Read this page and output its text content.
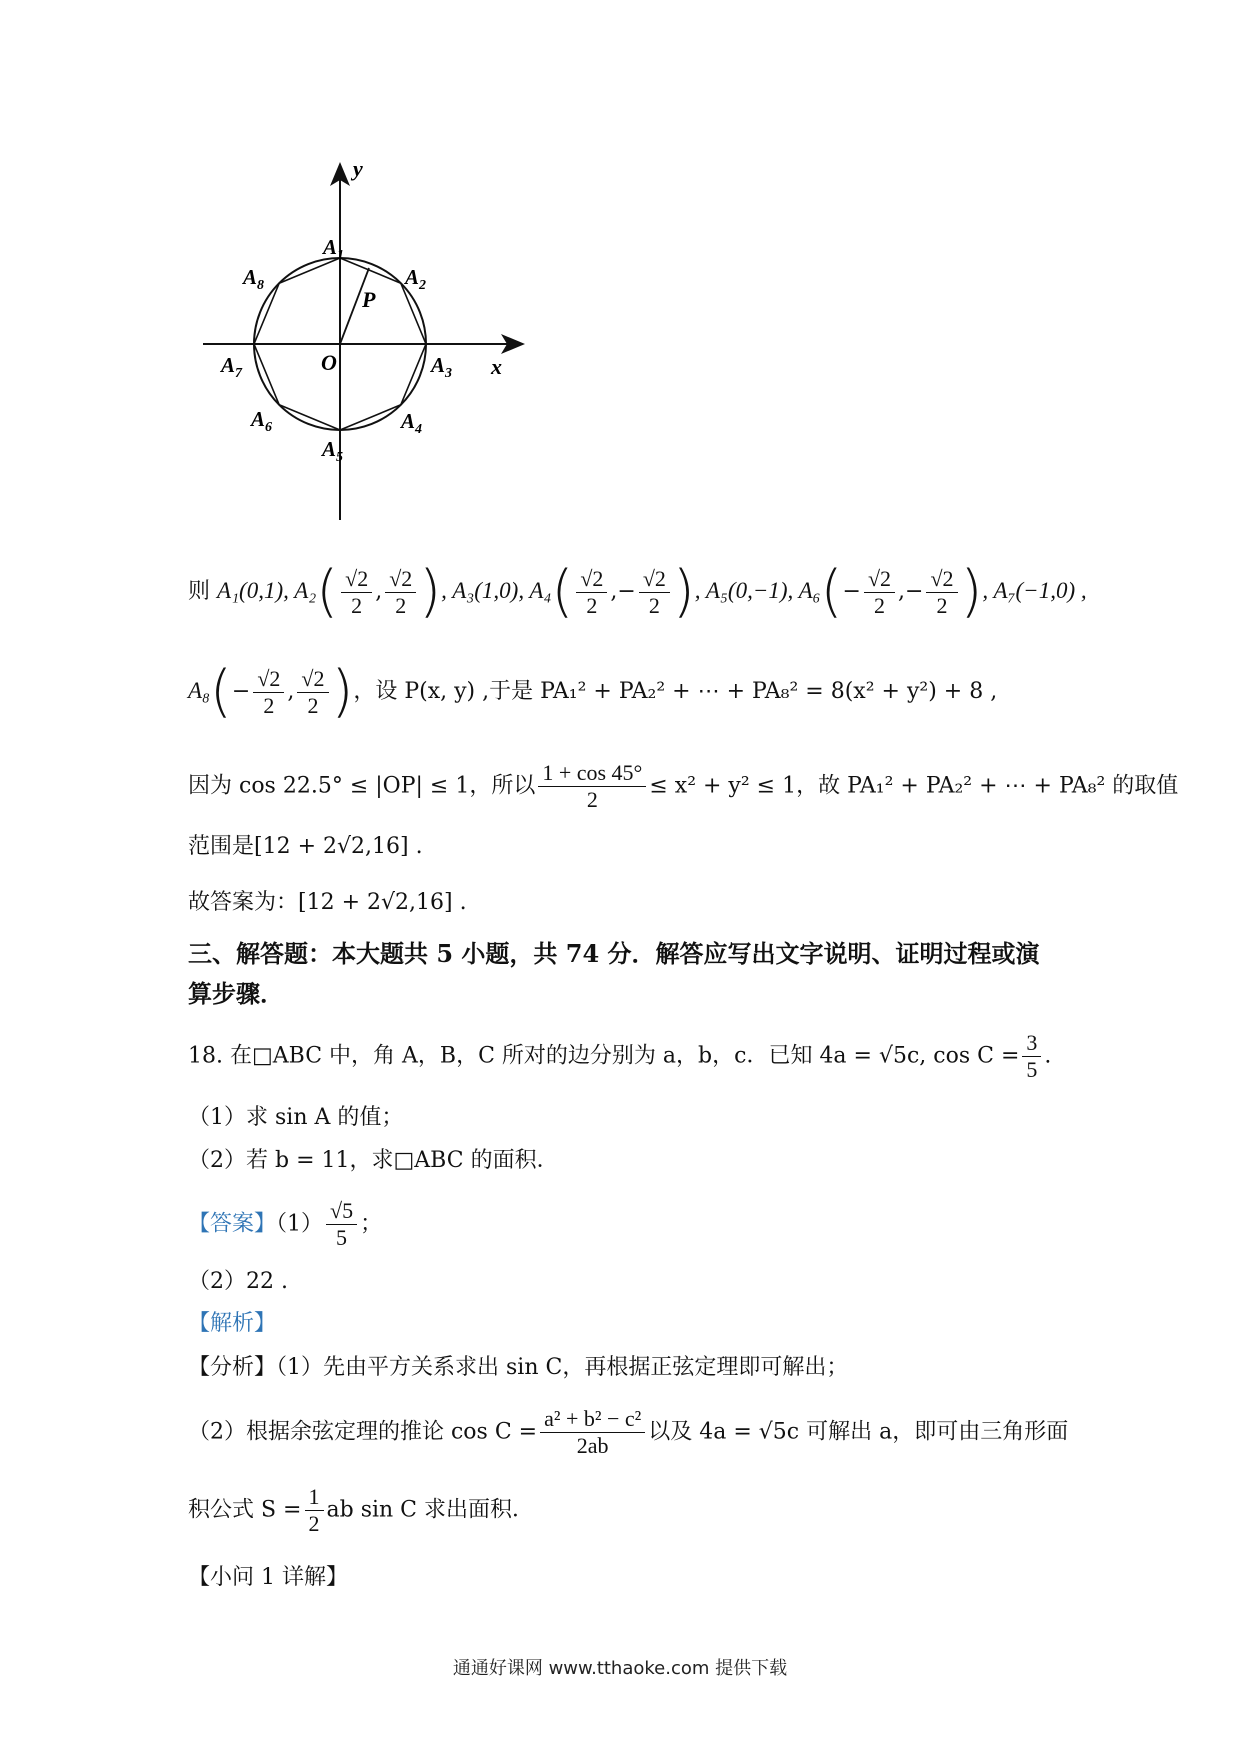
y
x
O
P
$A_1$
$A_2$
$A_3$
$A_4$
$A_5$
$A_6$
$A_7$
$A_8$
则 A₁(0,1), $A_2( \frac{√2}{2}$ , $\frac{√2}{2}$ ), A₃(1,0), $A_4( \frac{√2}{2}$ ,− $\frac{√2}{2}$ ), A₅(0,−1), $A_6(- \frac{√2}{2}$ ,− $\frac{√2}{2}$ ), A₇(−1,0) ,
$A_8(- \frac{√2}{2}$ , $\frac{√2}{2}$ )，设 P(x, y) ,于是 PA₁² + PA₂² + ⋯ + PA₈² = 8(x² + y²) + 8 ,
因为 cos 22.5° ≤ |OP| ≤ 1，所以 $\frac{1 + \cos 45^\circ}{2} \le x^2 + y^2 \le 1$，故 PA₁² + PA₂² + ⋯ + PA₈² 的取值
范围是[12 + 2√2,16] .
故答案为：[12 + 2√2,16] .
三、解答题：本大题共 5 小题，共 74 分．解答应写出文字说明、证明过程或演
算步骤．
18. 在□ABC 中，角 A，B，C 所对的边分别为 a，b，c．已知 4a = √5c, $\cos C = \frac{3}{5}$ .
（1）求 sin A 的值；
（2）若 b = 11，求□ABC 的面积．
【答案】$(1) \frac{√5}{5}$ ；
（2）22 .
【解析】
【分析】（1）先由平方关系求出 sin C，再根据正弦定理即可解出；
（2）根据余弦定理的推论 $\cos C = \frac{\text{a² + b² − c²}}{2ab}$ 以及 4a = √5c 可解出 a，即可由三角形面
积公式 $S = \frac{1}{2}$ ab sin C 求出面积．
【小问 1 详解】
通通好课网 www.tthaoke.com 提供下载
